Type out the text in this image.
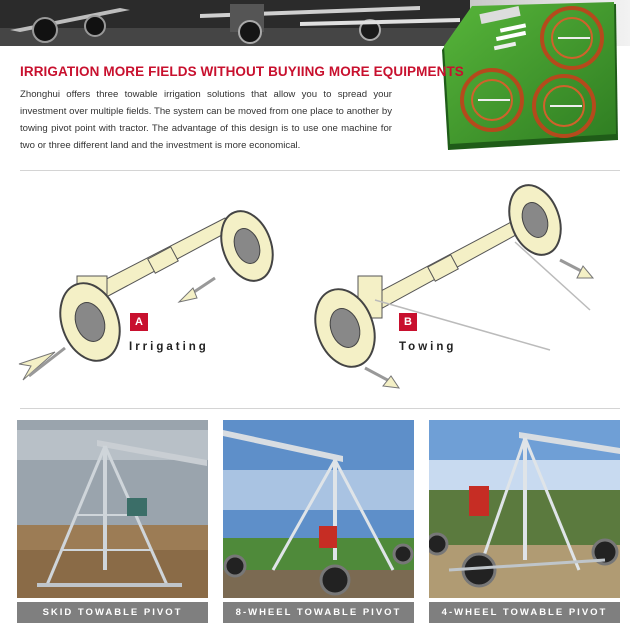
IRRIGATION MORE FIELDS WITHOUT BUYIING MORE EQUIPMENTS
Zhonghui offers three towable irrigation solutions that allow you to spread your investment over multiple fields. The system can be moved from one place to another by towing pivot point with tractor. The advantage of this design is to use one machine for two or three different land and the investment is more economical.
A
Irrigating
B
Towing
SKID TOWABLE PIVOT	8-WHEEL TOWABLE PIVOT	4-WHEEL TOWABLE PIVOT
